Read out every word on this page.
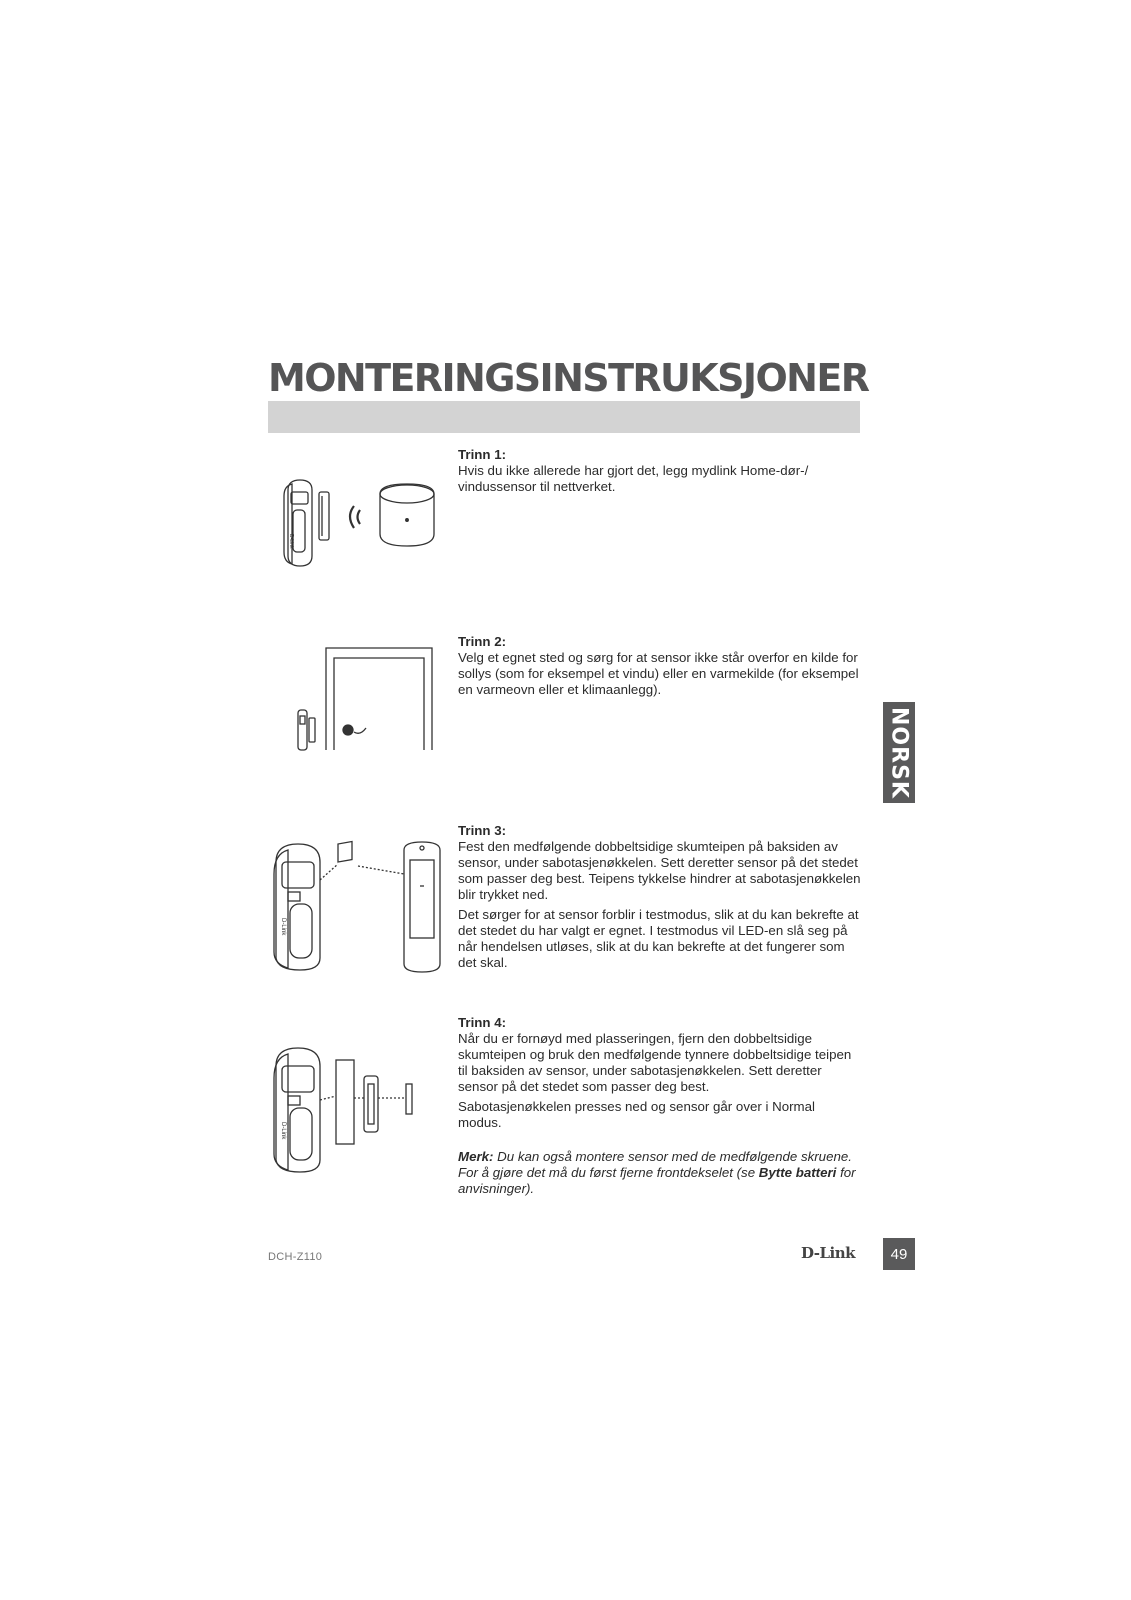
MONTERINGSINSTRUKSJONER
NORSK
Trinn 1:

Hvis du ikke allerede har gjort det, legg mydlink Home-dør-/ vindussensor til nettverket.

D-Link
Trinn 2:

Velg et egnet sted og sørg for at sensor ikke står overfor en kilde for sollys (som for eksempel et vindu) eller en varmekilde (for eksempel en varmeovn eller et klimaanlegg).

Trinn 3:

Fest den medfølgende dobbeltsidige skumteipen på baksiden av sensor, under sabotasjenøkkelen. Sett deretter sensor på det stedet som passer deg best. Teipens tykkelse hindrer at sabotasjenøkkelen blir trykket ned.

Det sørger for at sensor forblir i testmodus, slik at du kan bekrefte at det stedet du har valgt er egnet. I testmodus vil LED-en slå seg på når hendelsen utløses, slik at du kan bekrefte at det fungerer som det skal.

D-Link
Trinn 4:

Når du er fornøyd med plasseringen, fjern den dobbeltsidige skumteipen og bruk den medfølgende tynnere dobbeltsidige teipen til baksiden av sensor, under sabotasjenøkkelen. Sett deretter sensor på det stedet som passer deg best.

Sabotasjenøkkelen presses ned og sensor går over i Normal modus.

Merk: Du kan også montere sensor med de medfølgende skruene. For å gjøre det må du først fjerne frontdekselet (se Bytte batteri for anvisninger).

D-Link
DCH-Z110	D-Link	49
